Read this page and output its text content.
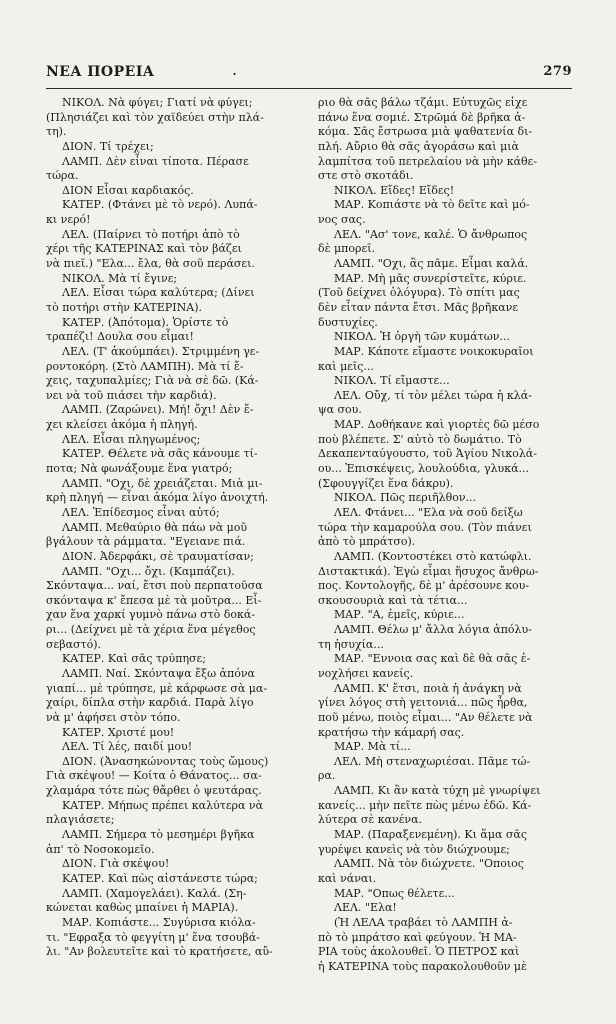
ΝΕΑ ΠΟΡΕΙΑ	.	279
ΝΙΚΟΛ. Νὰ φύγει; Γιατί νὰ φύγει;
(Πλησιάζει καὶ τὸν χαϊδεύει στὴν πλά-
τη).
ΔΙΟΝ. Τί τρέχει;
ΛΑΜΠ. Δὲν εἶναι τίποτα. Πέρασε
τώρα.
ΔΙΟΝ Εἶσαι καρδιακός.
ΚΑΤΕΡ. (Φτάνει μὲ τὸ νερό). Λυπά-
κι νερό!
ΛΕΛ. (Παίρνει τὸ ποτήρι ἀπὸ τὸ
χέρι τῆς ΚΑΤΕΡΙΝΑΣ καὶ τὸν βάζει
νὰ πιεῖ.) "Ελα... ἔλα, θὰ σοῦ περάσει.
ΝΙΚΟΛ. Μὰ τί ἔγινε;
ΛΕΛ. Εἶσαι τώρα καλύτερα; (Δίνει
τὸ ποτήρι στὴν ΚΑΤΕΡΙΝΑ).
ΚΑΤΕΡ. (Ἀπότομα). Ὁρίστε τὸ
τραπέζι! Δουλα σου εἶμαι!
ΛΕΛ. (Τ' ἀκούμπάει). Στριμμένη γε-
ροντοκόρη. (Στὸ ΛΑΜΠΗ). Μὰ τί ἔ-
χεις, ταχυπαλμίες; Γιὰ νὰ σὲ δῶ. (Κά-
νει νὰ τοῦ πιάσει τὴν καρδιά).
ΛΑΜΠ. (Ζαρώνει). Μή! ὄχι! Δὲν ἔ-
χει κλείσει ἀκόμα ἡ πληγή.
ΛΕΛ. Εἶσαι πληγωμένος;
ΚΑΤΕΡ. Θέλετε νὰ σᾶς κάνουμε τί-
ποτα; Νὰ φωνάξουμε ἕνα γιατρό;
ΛΑΜΠ. "Οχι, δὲ χρειάζεται. Μιὰ μι-
κρὴ πληγή — εἶναι ἀκόμα λίγο ἀνοιχτή.
ΛΕΛ. Ἐπίδεσμος εἶναι αὐτό;
ΛΑΜΠ. Μεθαύριο θὰ πάω νὰ μοῦ
βγάλουν τὰ ράμματα. "Εγειανε πιά.
ΔΙΟΝ. Ἀδερφάκι, σὲ τραυματίσαν;
ΛΑΜΠ. "Οχι... ὄχι. (Καμπάζει).
Σκόνταψα... ναί, ἔτσι ποὺ περπατοῦσα
σκόνταψα κ' ἔπεσα μὲ τὰ μοῦτρα... Εἶ-
χαν ἕνα χαρκί γυμνὸ πάνω στὸ δοκά-
ρι... (Δείχνει μὲ τὰ χέρια ἕνα μέγεθος
σεβαστό).
ΚΑΤΕΡ. Καὶ σᾶς τρύπησε;
ΛΑΜΠ. Ναί. Σκόνταψα ἔξω ἀπόνα
γιαπί... μὲ τρύπησε, μὲ κάρφωσε σὰ μα-
χαίρι, δίπλα στὴν καρδιά. Παρὰ λίγο
νὰ μ' ἀφήσει στὸν τόπο.
ΚΑΤΕΡ. Χριστέ μου!
ΛΕΛ. Τί λές, παιδί μου!
ΔΙΟΝ. (Ἀνασηκώνοντας τοὺς ὤμους)
Γιὰ σκέψου! — Κοίτα ὁ Θάνατος... σα-
χλαμάρα τότε πὼς θἄρθει ὁ ψευτάρας.
ΚΑΤΕΡ. Μήπως πρέπει καλύτερα νὰ
πλαγιάσετε;
ΛΑΜΠ. Σήμερα τὸ μεσημέρι βγῆκα
ἀπ' τὸ Νοσοκομεῖο.
ΔΙΟΝ. Γιὰ σκέψου!
ΚΑΤΕΡ. Καὶ πὼς αἰστάνεστε τώρα;
ΛΑΜΠ. (Χαμογελάει). Καλά. (Ση-
κώνεται καθὼς μπαίνει ἡ ΜΑΡΙΑ).
ΜΑΡ. Κοπιάστε... Συγύρισα κιόλα-
τι. "Εφραξα τὸ φεγγίτη μ' ἕνα τσουβά-
λι. "Αν βολευτεῖτε καὶ τὸ κρατήσετε, αὔ-
ριο θὰ σᾶς βάλω τζάμι. Εὐτυχῶς εἶχε
πάνω ἕνα σομιέ. Στρῶμά δὲ βρῆκα ἀ-
κόμα. Σᾶς ἔστρωσα μιὰ ψαθατενία δι-
πλή. Αὔριο θὰ σᾶς ἀγοράσω καὶ μιὰ
λαμπίτσα τοῦ πετρελαίου νὰ μὴν κάθε-
στε στὸ σκοτάδι.
ΝΙΚΟΛ. Εἴδες! Εἴδες!
ΜΑΡ. Κοπιάστε νὰ τὸ δεῖτε καὶ μό-
νος σας.
ΛΕΛ. "Ασ' τονε, καλέ. Ὁ ἄνθρωπος
δὲ μπορεῖ.
ΛΑΜΠ. "Οχι, ἂς πᾶμε. Εἶμαι καλά.
ΜΑΡ. Μὴ μᾶς συνερίστεῖτε, κύριε.
(Τοῦ δείχνει ὁλόγυρα). Τὸ σπίτι μας
δὲν εἶταν πάντα ἔτσι. Μᾶς βρῆκανε
δυστυχίες.
ΝΙΚΟΛ. Ἡ ὀργὴ τῶν κυμάτων...
ΜΑΡ. Κάποτε εἴμαστε νοικοκυραῖοι
καὶ μεῖς...
ΝΙΚΟΛ. Τί εἴμαστε...
ΛΕΛ. Οὔχ, τί τὸν μέλει τώρα ἡ κλά-
ψα σου.
ΜΑΡ. Δοθήκανε καὶ γιορτὲς δῶ μέσο
ποὺ βλέπετε. Σ' αὐτὸ τὸ δωμάτιο. Τὸ
Δεκαπενταύγουστο, τοῦ Ἁγίου Νικολά-
ου... Ἐπισκέψεις, λουλούδια, γλυκά...
(Σφουγγίζει ἕνα δάκρυ).
ΝΙΚΟΛ. Πῶς περιῆλθον...
ΛΕΛ. Φτάνει... "Ελα νὰ σοῦ δείξω
τώρα τὴν καμαρούλα σου. (Τὸν πιάνει
ἀπὸ τὸ μπράτσο).
ΛΑΜΠ. (Κοντοστέκει στὸ κατώφλι.
Διστακτικά). Ἐγὼ εἶμαι ἥσυχος ἄνθρω-
πος. Κοντολογῆς, δὲ μ' ἀρέσουνε κου-
σκουσουριὰ καὶ τὰ τέτια...
ΜΑΡ. "Α, ἐμεῖς, κύριε...
ΛΑΜΠ. Θέλω μ' ἄλλα λόγια ἀπόλυ-
τη ἡσυχία...
ΜΑΡ. "Εννοια σας καὶ δὲ θὰ σᾶς ἐ-
νοχλήσει κανείς.
ΛΑΜΠ. Κ' ἔτσι, ποιὰ ἡ ἀνάγκη νὰ
γίνει λόγος στὴ γειτονιά... πῶς ἦρθα,
ποῦ μένω, ποιὸς εἶμαι... "Αν θέλετε νὰ
κρατήσω τὴν κάμαρή σας.
ΜΑΡ. Μὰ τί...
ΛΕΛ. Μὴ στεναχωριέσαι. Πᾶμε τώ-
ρα.
ΛΑΜΠ. Κι ἂν κατὰ τύχη μὲ γνωρίψει
κανείς... μὴν πεῖτε πὼς μένω ἐδῶ. Κά-
λύτερα σὲ κανένα.
ΜΑΡ. (Παραξενεμένη). Κι ἅμα σᾶς
γυρέψει κανεὶς νὰ τὸν διώχνουμε;
ΛΑΜΠ. Νὰ τὸν διώχνετε. "Οποιος
καὶ νάναι.
ΜΑΡ. "Οπως θέλετε...
ΛΕΛ. "Ελα!
(Ἡ ΛΕΛΑ τραβάει τὸ ΛΑΜΠΗ ἀ-
πὸ τὸ μπράτσο καὶ φεύγουν. Ἡ ΜΑ-
ΡΙΑ τοὺς ἀκολουθεῖ. Ὁ ΠΕΤΡΟΣ καὶ
ἡ ΚΑΤΕΡΙΝΑ τοὺς παρακολουθοῦν μὲ
